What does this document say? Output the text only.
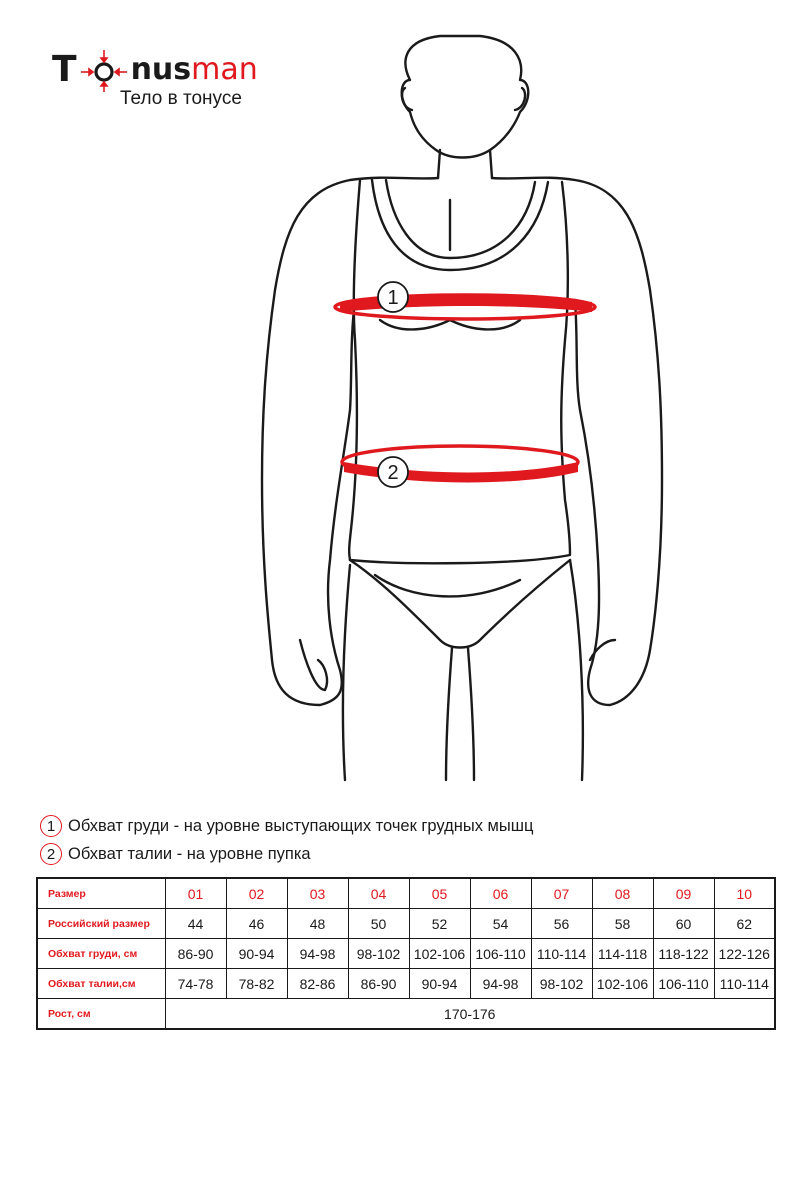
T nus man
Тело в тонусе
1
2
1 Обхват груди - на уровне выступающих точек грудных мышц
2 Обхват талии - на уровне пупка
Размер	01	02	03	04	05	06	07	08	09	10
Российский размер	44	46	48	50	52	54	56	58	60	62
Обхват груди, см	86-90	90-94	94-98	98-102	102-106	106-110	110-114	114-118	118-122	122-126
Обхват талии,см	74-78	78-82	82-86	86-90	90-94	94-98	98-102	102-106	106-110	110-114
Рост, см	170-176									
